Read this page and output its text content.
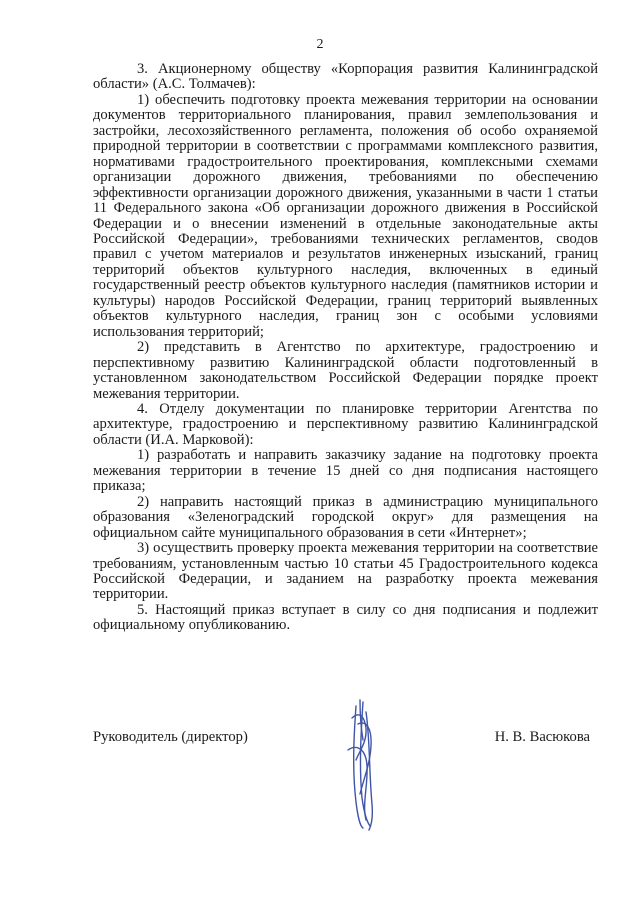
2

3. Акционерному обществу «Корпорация развития Калининградской области» (А.С. Толмачев):

1) обеспечить подготовку проекта межевания территории на основании документов территориального планирования, правил землепользования и застройки, лесохозяйственного регламента, положения об особо охраняемой природной территории в соответствии с программами комплексного развития, нормативами градостроительного проектирования, комплексными схемами организации дорожного движения, требованиями по обеспечению эффективности организации дорожного движения, указанными в части 1 статьи 11 Федерального закона «Об организации дорожного движения в Российской Федерации и о внесении изменений в отдельные законодательные акты Российской Федерации», требованиями технических регламентов, сводов правил с учетом материалов и результатов инженерных изысканий, границ территорий объектов культурного наследия, включенных в единый государственный реестр объектов культурного наследия (памятников истории и культуры) народов Российской Федерации, границ территорий выявленных объектов культурного наследия, границ зон с особыми условиями использования территорий;

2) представить в Агентство по архитектуре, градостроению и перспективному развитию Калининградской области подготовленный в установленном законодательством Российской Федерации порядке проект межевания территории.

4. Отделу документации по планировке территории Агентства по архитектуре, градостроению и перспективному развитию Калининградской области (И.А. Марковой):

1) разработать и направить заказчику задание на подготовку проекта межевания территории в течение 15 дней со дня подписания настоящего приказа;

2) направить настоящий приказ в администрацию муниципального образования «Зеленоградский городской округ» для размещения на официальном сайте муниципального образования в сети «Интернет»;

3) осуществить проверку проекта межевания территории на соответствие требованиям, установленным частью 10 статьи 45 Градостроительного кодекса Российской Федерации, и заданием на разработку проекта межевания территории.

5. Настоящий приказ вступает в силу со дня подписания и подлежит официальному опубликованию.

Руководитель (директор)	Н. В. Васюкова
